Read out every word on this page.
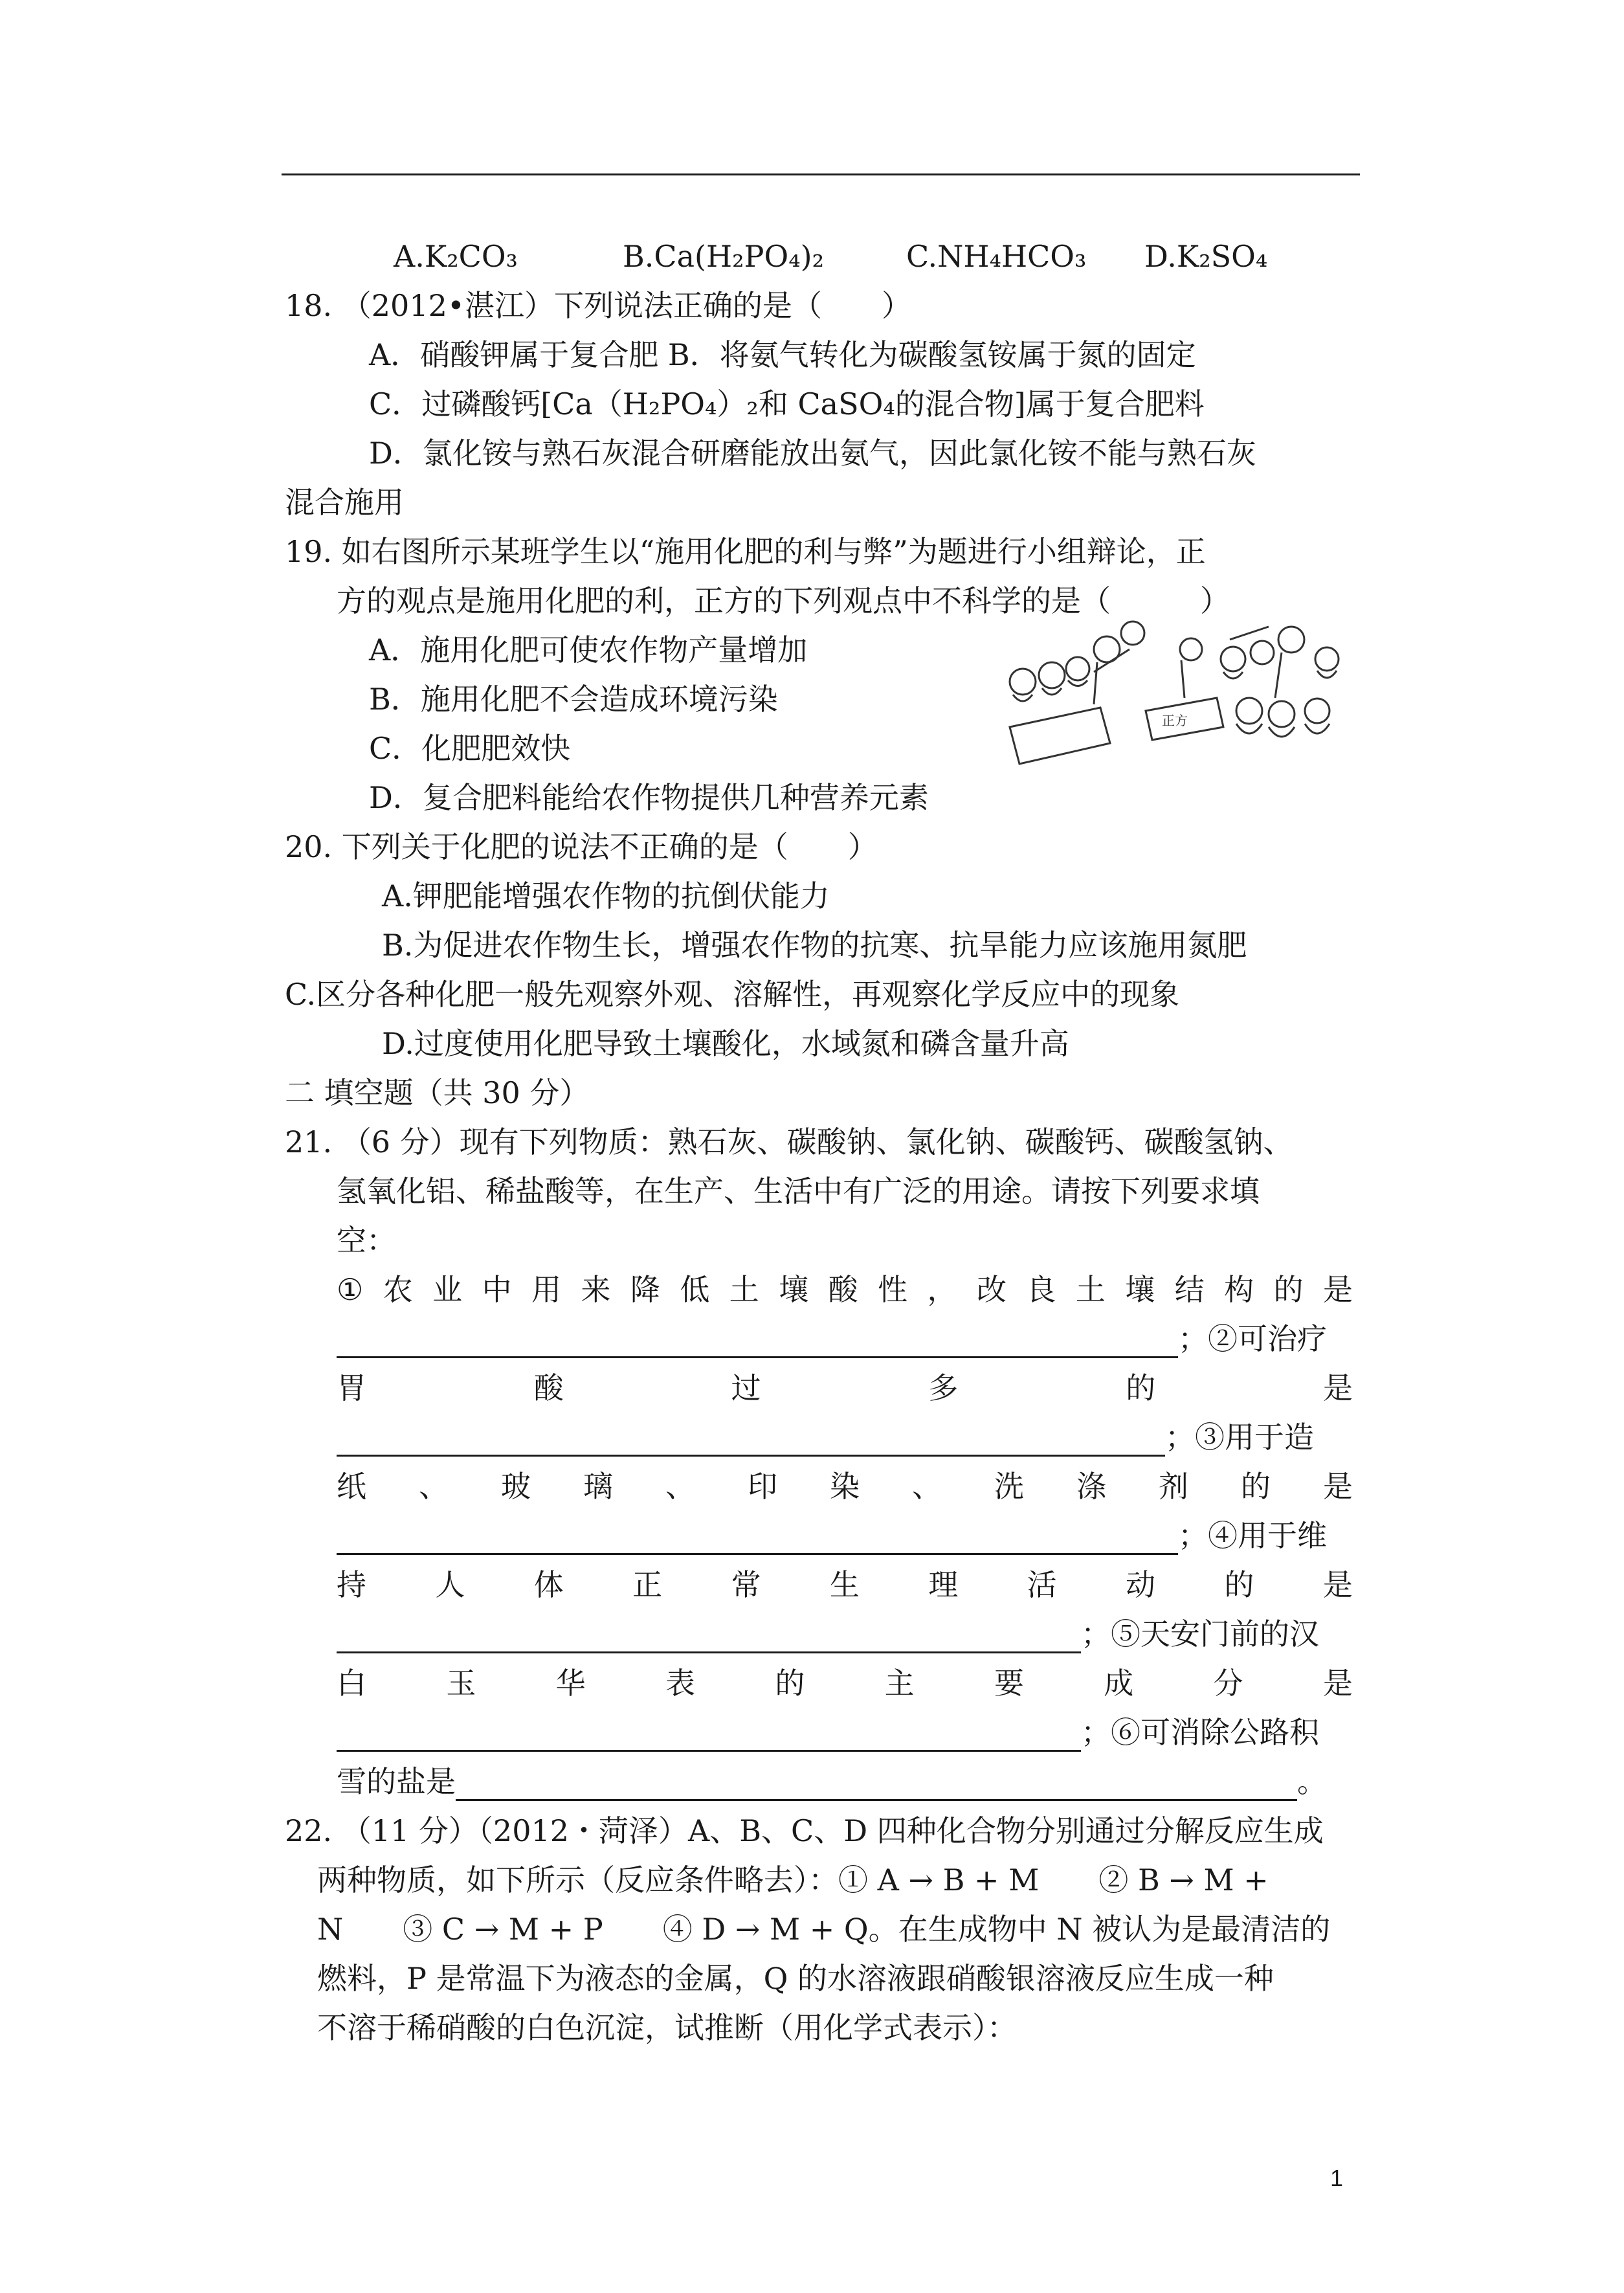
A.K₂CO₃	B.Ca(H₂PO₄)₂	C.NH₄HCO₃ D.K₂SO₄
18. （2012•湛江）下列说法正确的是（　　）
A．硝酸钾属于复合肥 B．将氨气转化为碳酸氢铵属于氮的固定
C．过磷酸钙[Ca（H₂PO₄）₂和 CaSO₄的混合物]属于复合肥料
D．氯化铵与熟石灰混合研磨能放出氨气，因此氯化铵不能与熟石灰
混合施用
19. 如右图所示某班学生以“施用化肥的利与弊”为题进行小组辩论，正
方的观点是施用化肥的利，正方的下列观点中不科学的是（　　　）
A．施用化肥可使农作物产量增加
B．施用化肥不会造成环境污染
C．化肥肥效快
D．复合肥料能给农作物提供几种营养元素
正方
20. 下列关于化肥的说法不正确的是（　　）
A.钾肥能增强农作物的抗倒伏能力
B.为促进农作物生长，增强农作物的抗寒、抗旱能力应该施用氮肥
C.区分各种化肥一般先观察外观、溶解性，再观察化学反应中的现象
D.过度使用化肥导致土壤酸化，水域氮和磷含量升高
二 填空题（共 30 分）
21. （6 分）现有下列物质：熟石灰、碳酸钠、氯化钠、碳酸钙、碳酸氢钠、
氢氧化铝、稀盐酸等，在生产、生活中有广泛的用途。请按下列要求填
空：
① 农 业 中 用 来 降 低 土 壤 酸 性 ， 改 良 土 壤 结 构 的 是
；②可治疗
胃	酸	过	多	的	是
；③用于造
纸 、 玻 璃 、 印 染 、 洗 涤 剂 的 是
；④用于维
持 人 体 正 常 生 理 活 动 的 是
；⑤天安门前的汉
白	玉	华	表	的	主	要	成	分	是
；⑥可消除公路积
雪的盐是	。
22. （11 分）（2012・菏泽）A、B、C、D 四种化合物分别通过分解反应生成
两种物质，如下所示（反应条件略去）：① A → B + M　　② B → M +
N　　③ C → M + P　　④ D → M + Q。在生成物中 N 被认为是最清洁的
燃料，P 是常温下为液态的金属，Q 的水溶液跟硝酸银溶液反应生成一种
不溶于稀硝酸的白色沉淀，试推断（用化学式表示）：
1
